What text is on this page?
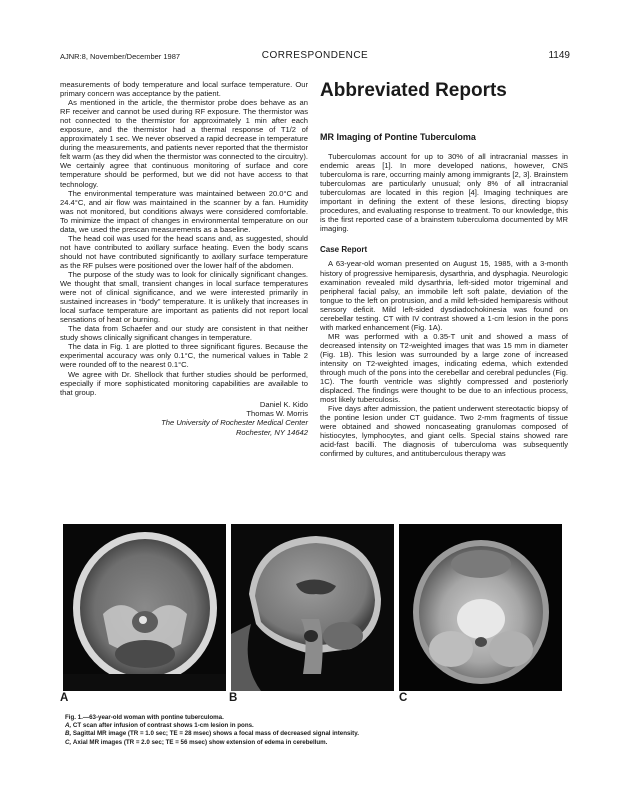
AJNR:8, November/December 1987	CORRESPONDENCE	1149

measurements of body temperature and local surface temperature. Our primary concern was acceptance by the patient.

As mentioned in the article, the thermistor probe does behave as an RF receiver and cannot be used during RF exposure. The thermistor was not connected to the thermistor for approximately 1 min after each exposure, and the thermistor had a thermal response of T1/2 of approximately 1 sec. We never observed a rapid decrease in temperature during the measurements, and patients never reported that the thermistor felt warm (as they did when the thermistor was connected to the circuitry). We certainly agree that continuous monitoring of surface and core temperature should be performed, but we did not have access to that technology.

The environmental temperature was maintained between 20.0°C and 24.4°C, and air flow was maintained in the scanner by a fan. Humidity was not monitored, but conditions always were considered comfortable. To minimize the impact of changes in environmental temperature on our data, we used the prescan measurements as a baseline.

The head coil was used for the head scans and, as suggested, should not have contributed to axillary surface heating. Even the body scans should not have contributed significantly to axillary surface temperature as the RF pulses were positioned over the lower half of the abdomen.

The purpose of the study was to look for clinically significant changes. We thought that small, transient changes in local surface temperatures were not of clinical significance, and we were interested primarily in sustained increases in “body” temperature. It is unlikely that increases in local surface temperature are important as patients did not report local sensations of heat or burning.

The data from Schaefer and our study are consistent in that neither study shows clinically significant changes in temperature.

The data in Fig. 1 are plotted to three significant figures. Because the experimental accuracy was only 0.1°C, the numerical values in Table 2 were rounded off to the nearest 0.1°C.

We agree with Dr. Shellock that further studies should be performed, especially if more sophisticated monitoring capabilities are available to that group.

Daniel K. Kido
Thomas W. Morris
The University of Rochester Medical Center
Rochester, NY 14642
Abbreviated Reports
MR Imaging of Pontine Tuberculoma

Tuberculomas account for up to 30% of all intracranial masses in endemic areas [1]. In more developed nations, however, CNS tuberculoma is rare, occurring mainly among immigrants [2, 3]. Brainstem tuberculomas are particularly unusual; only 8% of all intracranial tuberculomas are located in this region [4]. Imaging techniques are important in defining the extent of these lesions, directing biopsy procedures, and evaluating response to treatment. To our knowledge, this is the first reported case of a brainstem tuberculoma documented by MR imaging.

Case Report

A 63-year-old woman presented on August 15, 1985, with a 3-month history of progressive hemiparesis, dysarthria, and dysphagia. Neurologic examination revealed mild dysarthria, left-sided motor trigeminal and peripheral facial palsy, an immobile left soft palate, deviation of the tongue to the left on protrusion, and a mild left-sided hemiparesis without sensory deficit. Mild left-sided dysdiadochokinesia was found on cerebellar testing. CT with IV contrast showed a 1-cm lesion in the pons with marked enhancement (Fig. 1A).

MR was performed with a 0.35-T unit and showed a mass of decreased intensity on T2-weighted images that was 15 mm in diameter (Fig. 1B). This lesion was surrounded by a large zone of increased intensity on T2-weighted images, indicating edema, which extended through much of the pons into the cerebellar and cerebral peduncles (Fig. 1C). The fourth ventricle was slightly compressed and posteriorly displaced. The findings were thought to be due to an infectious process, most likely tuberculosis.

Five days after admission, the patient underwent stereotactic biopsy of the pontine lesion under CT guidance. Two 2-mm fragments of tissue were obtained and showed noncaseating granulomas composed of histiocytes, lymphocytes, and giant cells. Special stains showed rare acid-fast bacilli. The diagnosis of tuberculoma was subsequently confirmed by cultures, and antituberculous therapy was

A	B	C
Fig. 1.—63-year-old woman with pontine tuberculoma.
A, CT scan after infusion of contrast shows 1-cm lesion in pons.
B, Sagittal MR image (TR = 1.0 sec; TE = 28 msec) shows a focal mass of decreased signal intensity.
C, Axial MR images (TR = 2.0 sec; TE = 56 msec) show extension of edema in cerebellum.
